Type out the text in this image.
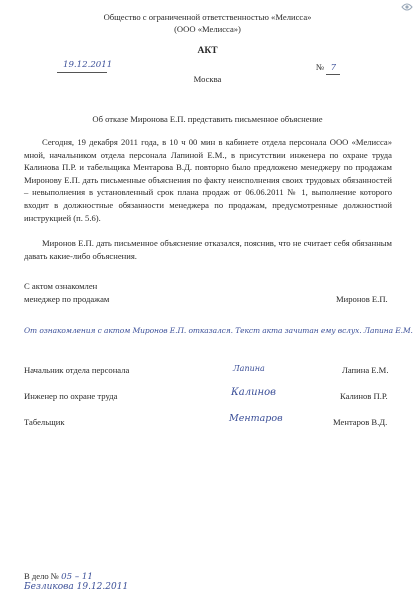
Общество с ограниченной ответственностью «Мелисса»
(ООО «Мелисса»)
АКТ
19.12.2011	№ 7
Москва
Об отказе Миронова Е.П. представить письменное объяснение
Сегодня, 19 декабря 2011 года, в 10 ч 00 мин в кабинете отдела персонала ООО «Мелисса» мной, начальником отдела персонала Лапиной Е.М., в присутствии инженера по охране труда Калинова П.Р. и табельщика Ментарова В.Д. повторно было предложено менеджеру по продажам Миронову Е.П. дать письменные объяснения по факту неисполнения своих трудовых обязанностей – невыполнения в установленный срок плана продаж от 06.06.2011 № 1, выполнение которого входит в должностные обязанности менеджера по продажам, предусмотренные должностной инструкцией (п. 5.6).
Миронов Е.П. дать письменное объяснение отказался, пояснив, что не считает себя обязанным давать какие-либо объяснения.
С актом ознакомлен
менеджер по продажам	Миронов Е.П.
От ознакомления с актом Миронов Е.П. отказался. Текст акта зачитан ему вслух. Лапина Е.М.
Начальник отдела персонала	Лапина	Лапина Е.М.
Инженер по охране труда	Калинов	Калинов П.Р.
Табельщик	Ментаров	Ментаров В.Д.
В дело № 05 – 11
Безликова 19.12.2011
